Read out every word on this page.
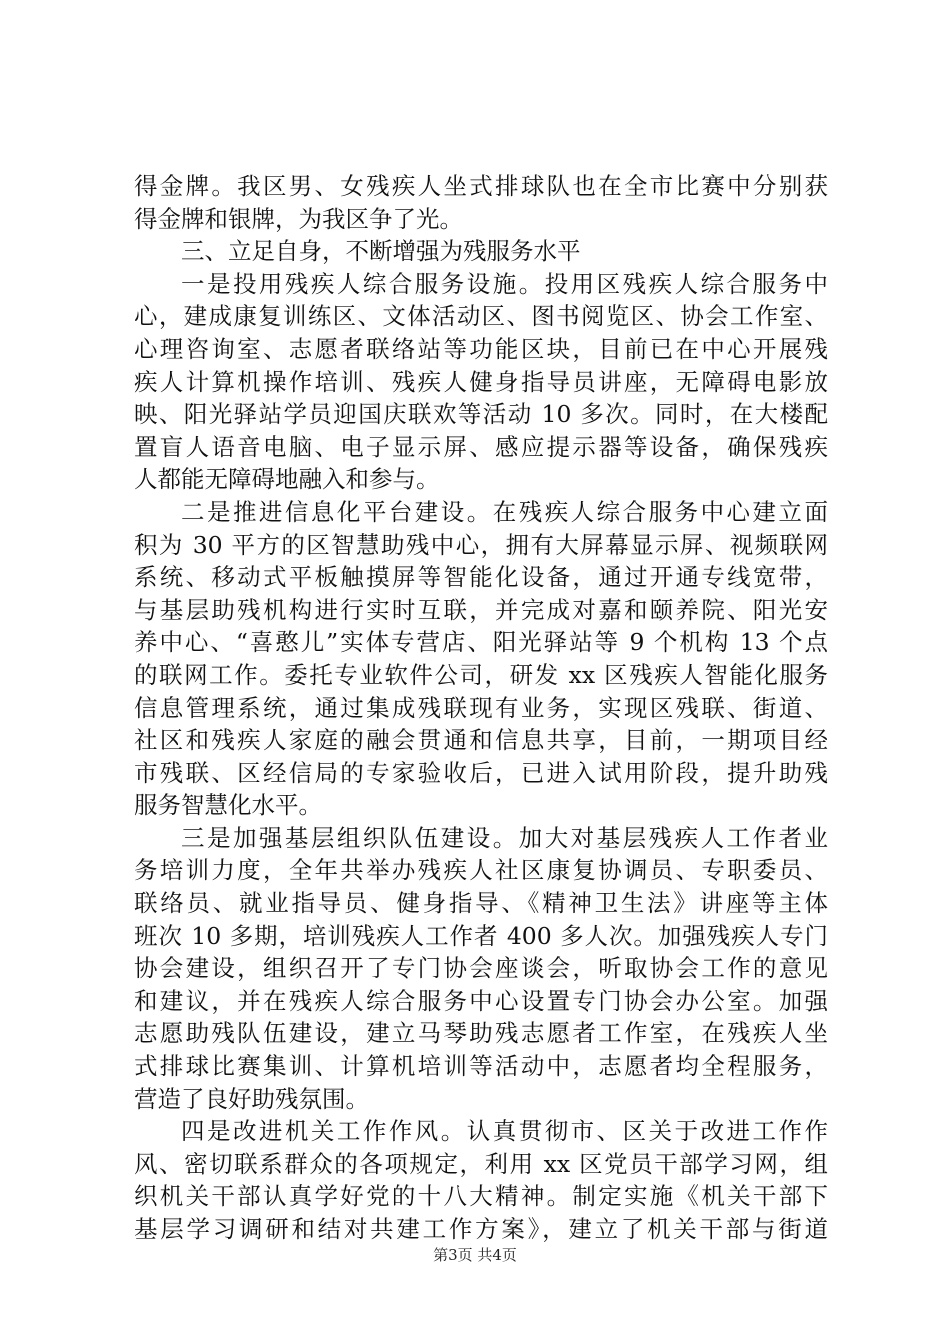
得金牌。我区男、女残疾人坐式排球队也在全市比赛中分别获
得金牌和银牌，为我区争了光。
三、立足自身，不断增强为残服务水平
一是投用残疾人综合服务设施。投用区残疾人综合服务中
心，建成康复训练区、文体活动区、图书阅览区、协会工作室、
心理咨询室、志愿者联络站等功能区块，目前已在中心开展残
疾人计算机操作培训、残疾人健身指导员讲座，无障碍电影放
映、阳光驿站学员迎国庆联欢等活动 10 多次。同时，在大楼配
置盲人语音电脑、电子显示屏、感应提示器等设备，确保残疾
人都能无障碍地融入和参与。
二是推进信息化平台建设。在残疾人综合服务中心建立面
积为 30 平方的区智慧助残中心，拥有大屏幕显示屏、视频联网
系统、移动式平板触摸屏等智能化设备，通过开通专线宽带，
与基层助残机构进行实时互联，并完成对嘉和颐养院、阳光安
养中心、“喜憨儿”实体专营店、阳光驿站等 9 个机构 13 个点
的联网工作。委托专业软件公司，研发 xx 区残疾人智能化服务
信息管理系统，通过集成残联现有业务，实现区残联、街道、
社区和残疾人家庭的融会贯通和信息共享，目前，一期项目经
市残联、区经信局的专家验收后，已进入试用阶段，提升助残
服务智慧化水平。
三是加强基层组织队伍建设。加大对基层残疾人工作者业
务培训力度，全年共举办残疾人社区康复协调员、专职委员、
联络员、就业指导员、健身指导、《精神卫生法》讲座等主体
班次 10 多期，培训残疾人工作者 400 多人次。加强残疾人专门
协会建设，组织召开了专门协会座谈会，听取协会工作的意见
和建议，并在残疾人综合服务中心设置专门协会办公室。加强
志愿助残队伍建设，建立马琴助残志愿者工作室，在残疾人坐
式排球比赛集训、计算机培训等活动中，志愿者均全程服务，
营造了良好助残氛围。
四是改进机关工作作风。认真贯彻市、区关于改进工作作
风、密切联系群众的各项规定，利用 xx 区党员干部学习网，组
织机关干部认真学好党的十八大精神。制定实施《机关干部下
基层学习调研和结对共建工作方案》，建立了机关干部与街道
第3页 共4页
